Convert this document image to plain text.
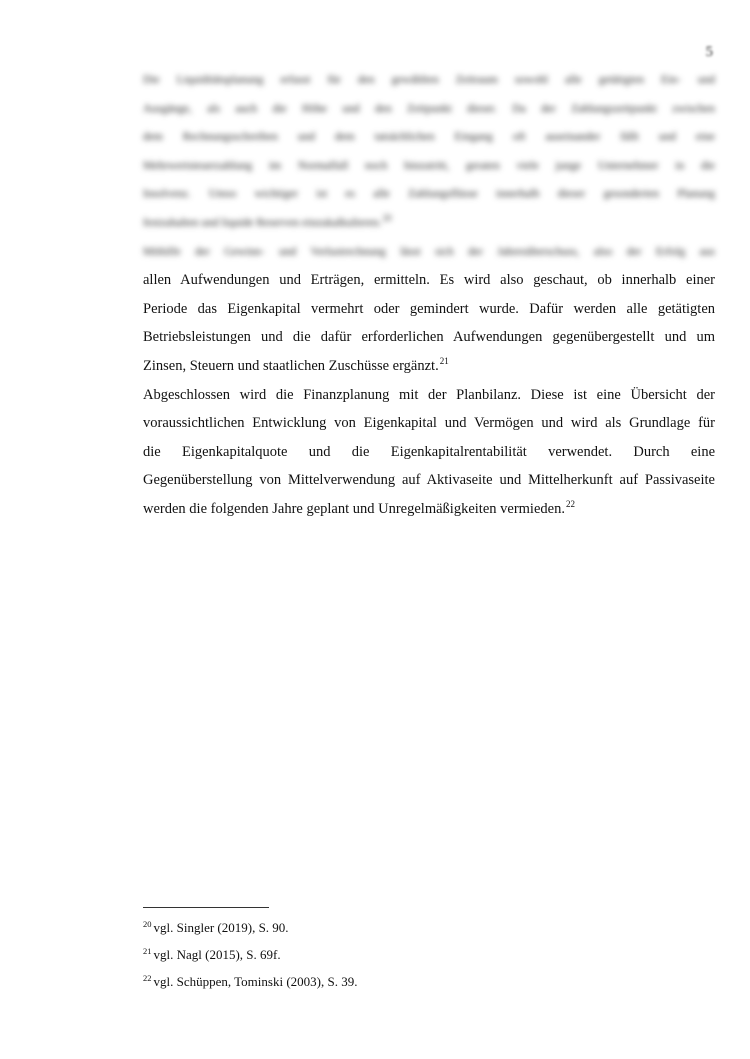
5
Die Liquiditätsplanung erfasst für den gewählten Zeitraum sowohl alle getätigten Ein- und
Ausgänge, als auch die Höhe und den Zeitpunkt dieser. Da der Zahlungszeitpunkt zwischen
dem Rechnungsschreiben und dem tatsächlichen Eingang oft auseinander fällt und eine
Mehrwertsteuerzahlung im Normalfall noch hinzutritt, geraten viele junge Unternehmer in die
Insolvenz. Umso wichtiger ist es alle Zahlungsflüsse innerhalb dieser gesonderten Planung
festzuhalten und liquide Reserven einzukalkulieren.$^{20}$
Mithilfe der Gewinn- und Verlustrechnung lässt sich der Jahresüberschuss, also der Erfolg aus
allen Aufwendungen und Erträgen, ermitteln. Es wird also geschaut, ob innerhalb einer
Periode das Eigenkapital vermehrt oder gemindert wurde. Dafür werden alle getätigten
Betriebsleistungen und die dafür erforderlichen Aufwendungen gegenübergestellt und um
Zinsen, Steuern und staatlichen Zuschüsse ergänzt.$^{21}$
Abgeschlossen wird die Finanzplanung mit der Planbilanz. Diese ist eine Übersicht der
voraussichtlichen Entwicklung von Eigenkapital und Vermögen und wird als Grundlage für
die Eigenkapitalquote und die Eigenkapitalrentabilität verwendet. Durch eine
Gegenüberstellung von Mittelverwendung auf Aktivaseite und Mittelherkunft auf Passivaseite
werden die folgenden Jahre geplant und Unregelmäßigkeiten vermieden.$^{22}$
$^{20}$ vgl. Singler (2019), S. 90.
$^{21}$ vgl. Nagl (2015), S. 69f.
$^{22}$ vgl. Schüppen, Tominski (2003), S. 39.
